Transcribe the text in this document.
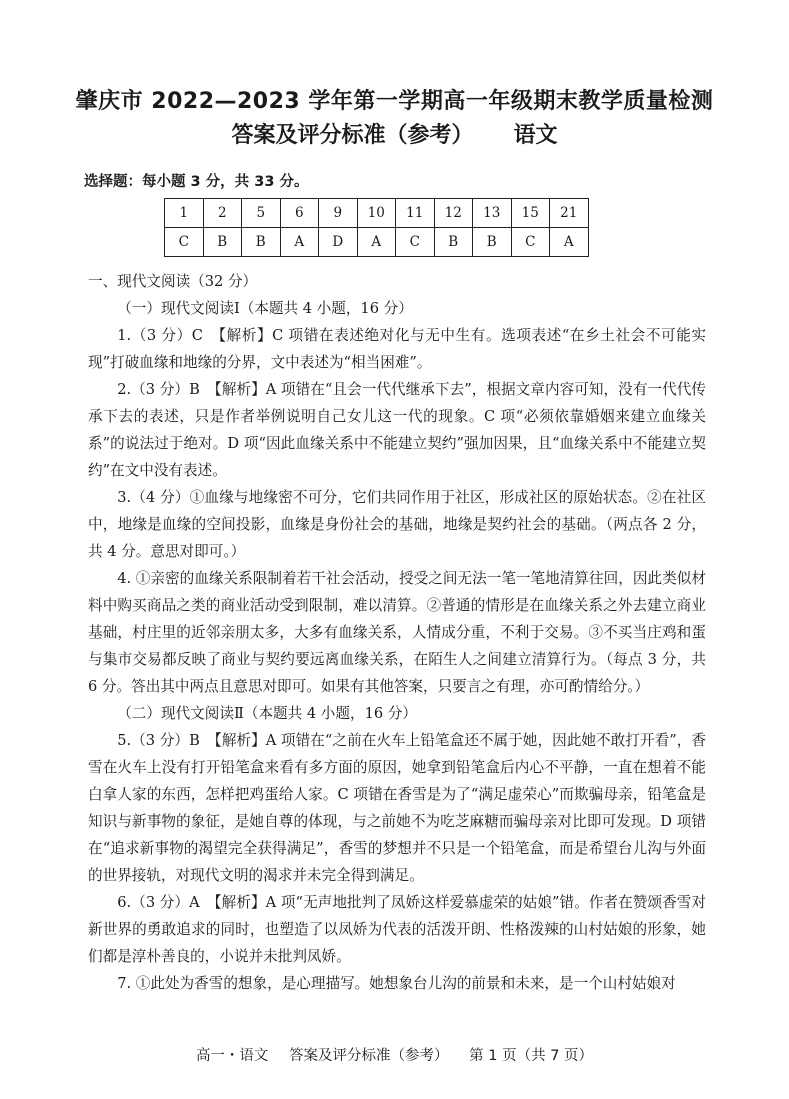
肇庆市 2022—2023 学年第一学期高一年级期末教学质量检测
答案及评分标准（参考） 语文
选择题：每小题 3 分，共 33 分。
1	2	5	6	9	10	11	12	13	15	21
C	B	B	A	D	A	C	B	B	C	A

一、现代文阅读（32 分）

（一）现代文阅读Ⅰ（本题共 4 小题，16 分）

1.（3 分）C　【解析】C 项错在表述绝对化与无中生有。选项表述“在乡土社会不可能实现”打破血缘和地缘的分界，文中表述为“相当困难”。

2.（3 分）B　【解析】A 项错在“且会一代代继承下去”，根据文章内容可知，没有一代代传承下去的表述，只是作者举例说明自己女儿这一代的现象。C 项“必须依靠婚姻来建立血缘关系”的说法过于绝对。D 项“因此血缘关系中不能建立契约”强加因果，且“血缘关系中不能建立契约”在文中没有表述。

3.（4 分）①血缘与地缘密不可分，它们共同作用于社区，形成社区的原始状态。②在社区中，地缘是血缘的空间投影，血缘是身份社会的基础，地缘是契约社会的基础。（两点各 2 分，共 4 分。意思对即可。）

4. ①亲密的血缘关系限制着若干社会活动，授受之间无法一笔一笔地清算往回，因此类似材料中购买商品之类的商业活动受到限制，难以清算。②普通的情形是在血缘关系之外去建立商业基础，村庄里的近邻亲朋太多，大多有血缘关系，人情成分重，不利于交易。③不买当庄鸡和蛋与集市交易都反映了商业与契约要远离血缘关系，在陌生人之间建立清算行为。（每点 3 分，共 6 分。答出其中两点且意思对即可。如果有其他答案，只要言之有理，亦可酌情给分。）

（二）现代文阅读Ⅱ（本题共 4 小题，16 分）

5.（3 分）B　【解析】A 项错在“之前在火车上铅笔盒还不属于她，因此她不敢打开看”，香雪在火车上没有打开铅笔盒来看有多方面的原因，她拿到铅笔盒后内心不平静，一直在想着不能白拿人家的东西，怎样把鸡蛋给人家。C 项错在香雪是为了“满足虚荣心”而欺骗母亲，铅笔盒是知识与新事物的象征，是她自尊的体现，与之前她不为吃芝麻糖而骗母亲对比即可发现。D 项错在“追求新事物的渴望完全获得满足”，香雪的梦想并不只是一个铅笔盒，而是希望台儿沟与外面的世界接轨，对现代文明的渴求并未完全得到满足。

6.（3 分）A　【解析】A 项“无声地批判了凤娇这样爱慕虚荣的姑娘”错。作者在赞颂香雪对新世界的勇敢追求的同时，也塑造了以凤娇为代表的活泼开朗、性格泼辣的山村姑娘的形象，她们都是淳朴善良的，小说并未批判凤娇。

7. ①此处为香雪的想象，是心理描写。她想象台儿沟的前景和未来，是一个山村姑娘对

高一・语文 答案及评分标准（参考） 第 1 页（共 7 页）
